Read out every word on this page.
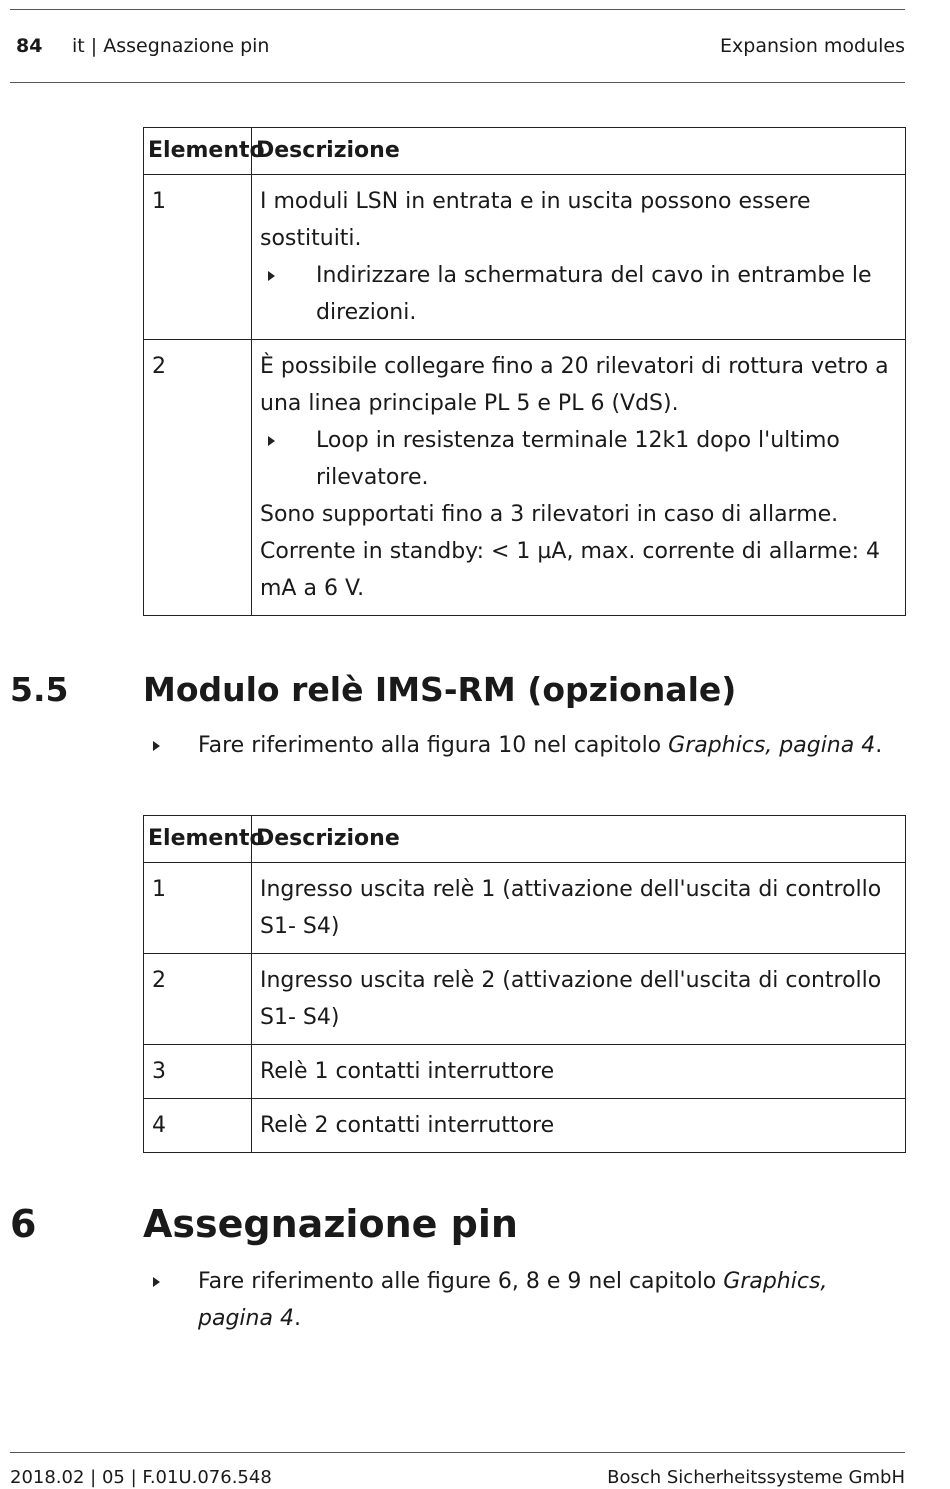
84 it | Assegnazione pin	Expansion modules
Elemento	Descrizione
1	I moduli LSN in entrata e in uscita possono essere sostituiti.
Indirizzare la schermatura del cavo in entrambe le direzioni.

2	È possibile collegare fino a 20 rilevatori di rottura vetro a una linea principale PL 5 e PL 6 (VdS).
Loop in resistenza terminale 12k1 dopo l'ultimo rilevatore.
Sono supportati fino a 3 rilevatori in caso di allarme.
Corrente in standby: < 1 µA, max. corrente di allarme: 4 mA a 6 V.
5.5 Modulo relè IMS-RM (opzionale)
Fare riferimento alla figura 10 nel capitolo Graphics, pagina 4.
Elemento	Descrizione
1	Ingresso uscita relè 1 (attivazione dell'uscita di controllo S1- S4)
2	Ingresso uscita relè 2 (attivazione dell'uscita di controllo S1- S4)
3	Relè 1 contatti interruttore
4	Relè 2 contatti interruttore
6	Assegnazione pin
Fare riferimento alle figure 6, 8 e 9 nel capitolo Graphics, pagina 4.
2018.02 | 05 | F.01U.076.548	Bosch Sicherheitssysteme GmbH
